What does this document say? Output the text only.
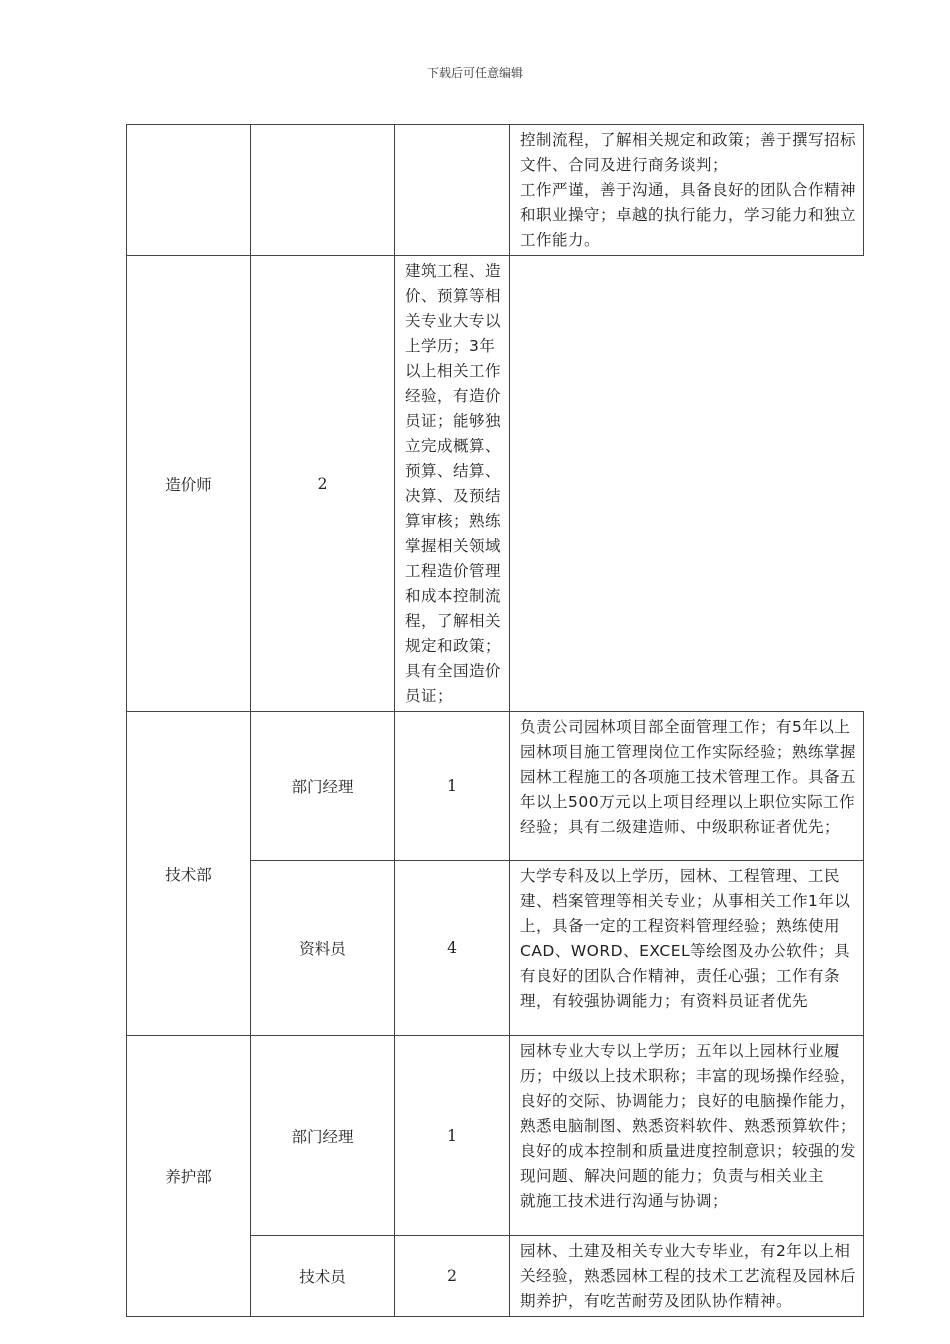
下载后可任意编辑

			控制流程，了解相关规定和政策；善于撰写招标文件、合同及进行商务谈判；

工作严谨，善于沟通，具备良好的团队合作精神和职业操守；卓越的执行能力，学习能力和独立工作能力。

造价师	2	建筑工程、造价、预算等相关专业大专以上学历；3年以上相关工作经验，有造价员证；能够独立完成概算、预算、结算、决算、及预结算审核；熟练掌握相关领域工程造价管理和成本控制流程，了解相关规定和政策；具有全国造价员证；	

技术部	部门经理	1	负责公司园林项目部全面管理工作；有5年以上园林项目施工管理岗位工作实际经验；熟练掌握园林工程施工的各项施工技术管理工作。具备五年以上500万元以上项目经理以上职位实际工作经验；具有二级建造师、中级职称证者优先；

	资料员	4	大学专科及以上学历，园林、工程管理、工民建、档案管理等相关专业；从事相关工作1年以上，具备一定的工程资料管理经验；熟练使用CAD、WORD、EXCEL等绘图及办公软件；具有良好的团队合作精神，责任心强；工作有条理，有较强协调能力；有资料员证者优先

养护部	部门经理	1	园林专业大专以上学历；五年以上园林行业履历；中级以上技术职称；丰富的现场操作经验，良好的交际、协调能力；良好的电脑操作能力，熟悉电脑制图、熟悉资料软件、熟悉预算软件；良好的成本控制和质量进度控制意识；较强的发现问题、解决问题的能力；负责与相关业主

就施工技术进行沟通与协调；

	技术员	2	园林、土建及相关专业大专毕业，有2年以上相关经验，熟悉园林工程的技术工艺流程及园林后期养护，有吃苦耐劳及团队协作精神。
